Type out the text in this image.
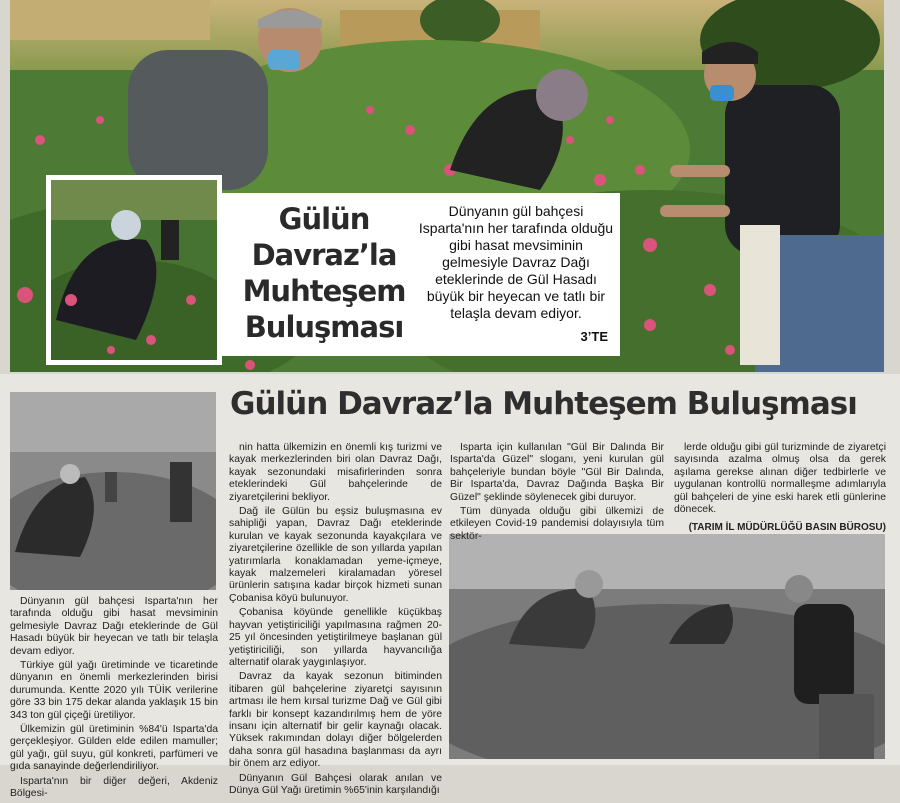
Gülün
Davraz’la
Muhteşem
Buluşması
Dünyanın gül bahçesi Isparta'nın her tarafında olduğu gibi hasat mevsiminin gelmesiyle Davraz Dağı eteklerinde de Gül Hasadı büyük bir heyecan ve tatlı bir telaşla devam ediyor.
3’TE
Gülün Davraz’la Muhteşem Buluşması

Dünyanın gül bahçesi Isparta'nın her tarafında olduğu gibi hasat mevsiminin gelmesiyle Davraz Dağı eteklerinde de Gül Hasadı büyük bir heyecan ve tatlı bir telaşla devam ediyor.

Türkiye gül yağı üretiminde ve ticaretinde dünyanın en önemli merkezlerinden birisi durumunda. Kentte 2020 yılı TÜİK verilerine göre 33 bin 175 dekar alanda yaklaşık 15 bin 343 ton gül çiçeği üretiliyor.

Ülkemizin gül üretiminin %84'ü Isparta'da gerçekleşiyor. Gülden elde edilen mamuller; gül yağı, gül suyu, gül konkreti, parfümeri ve gıda sanayinde değerlendiriliyor.

Isparta'nın bir diğer değeri, Akdeniz Bölgesi-

nin hatta ülkemizin en önemli kış turizmi ve kayak merkezlerinden biri olan Davraz Dağı, kayak sezonundaki misafirlerinden sonra eteklerindeki Gül bahçelerinde de ziyaretçilerini bekliyor.

Dağ ile Gülün bu eşsiz buluşmasına ev sahipliği yapan, Davraz Dağı eteklerinde kurulan ve kayak sezonunda kayakçılara ve ziyaretçilerine özellikle de son yıllarda yapılan yatırımlarla konaklamadan yeme-içmeye, kayak malzemeleri kiralamadan yöresel ürünlerin satışına kadar birçok hizmeti sunan Çobanisa köyü bulunuyor.

Çobanisa köyünde genellikle küçükbaş hayvan yetiştiriciliği yapılmasına rağmen 20-25 yıl öncesinden yetiştirilmeye başlanan gül yetiştiriciliği, son yıllarda hayvancılığa alternatif olarak yaygınlaşıyor.

Davraz da kayak sezonun bitiminden itibaren gül bahçelerine ziyaretçi sayısının artması ile hem kırsal turizme Dağ ve Gül gibi farklı bir konsept kazandırılmış hem de yöre insanı için alternatif bir gelir kaynağı olacak. Yüksek rakımından dolayı diğer bölgelerden daha sonra gül hasadına başlanması da ayrı bir önem arz ediyor.

Dünyanın Gül Bahçesi olarak anılan ve Dünya Gül Yağı üretimin %65'inin karşılandığı

Isparta için kullanılan "Gül Bir Dalında Bir Isparta'da Güzel" sloganı, yeni kurulan gül bahçeleriyle bundan böyle "Gül Bir Dalında, Bir Isparta'da, Davraz Dağında Başka Bir Güzel" şeklinde söylenecek gibi duruyor.

Tüm dünyada olduğu gibi ülkemizi de etkileyen Covid-19 pandemisi dolayısıyla tüm sektör-

lerde olduğu gibi gül turizminde de ziyaretçi sayısında azalma olmuş olsa da gerek aşılama gerekse alınan diğer tedbirlerle ve uygulanan kontrollü normalleşme adımlarıyla gül bahçeleri de yine eski harek etli günlerine dönecek.

(TARIM İL MÜDÜRLÜĞÜ BASIN BÜROSU)
